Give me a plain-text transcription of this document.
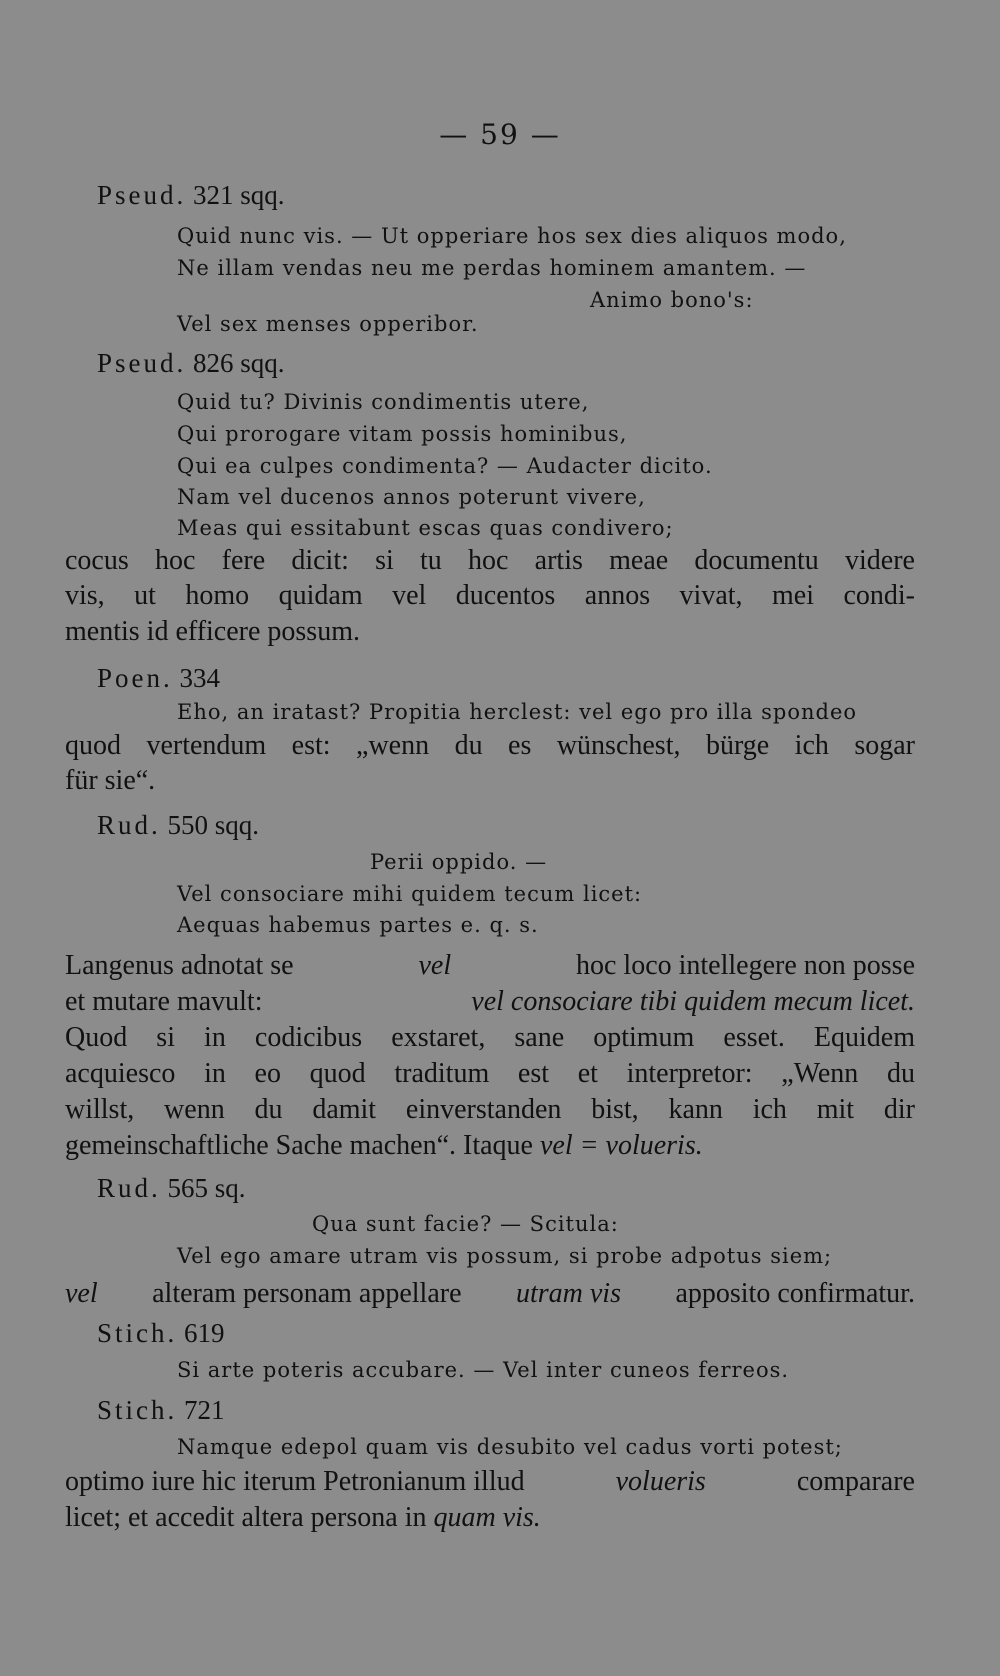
— 59 —
Pseud. 321 sqq.
Quid nunc vis. — Ut opperiare hos sex dies aliquos modo,
Ne illam vendas neu me perdas hominem amantem. —
Animo bono's:
Vel sex menses opperibor.
Pseud. 826 sqq.
Quid tu? Divinis condimentis utere,
Qui prorogare vitam possis hominibus,
Qui ea culpes condimenta? — Audacter dicito.
Nam vel ducenos annos poterunt vivere,
Meas qui essitabunt escas quas condivero;
cocus hoc fere dicit: si tu hoc artis meae documentu videre
vis, ut homo quidam vel ducentos annos vivat, mei condi-
mentis id efficere possum.
Poen. 334
Eho, an iratast? Propitia herclest: vel ego pro illa spondeo
quod vertendum est: „wenn du es wünschest, bürge ich sogar
für sie“.
Rud. 550 sqq.
Perii oppido. —
Vel consociare mihi quidem tecum licet:
Aequas habemus partes e. q. s.
Langenus adnotat se	vel	hoc loco intellegere non posse
et mutare mavult:	vel consociare tibi quidem mecum licet.
Quod si in codicibus exstaret, sane optimum esset. Equidem
acquiesco in eo quod traditum est et interpretor: „Wenn du
willst, wenn du damit einverstanden bist, kann ich mit dir
gemeinschaftliche Sache machen“. Itaque vel = volueris.
Rud. 565 sq.
Qua sunt facie? — Scitula:
Vel ego amare utram vis possum, si probe adpotus siem;
vel alteram personam appellare utram vis apposito confirmatur.
Stich. 619
Si arte poteris accubare. — Vel inter cuneos ferreos.
Stich. 721
Namque edepol quam vis desubito vel cadus vorti potest;
optimo iure hic iterum Petronianum illud	volueris	comparare
licet; et accedit altera persona in quam vis.
